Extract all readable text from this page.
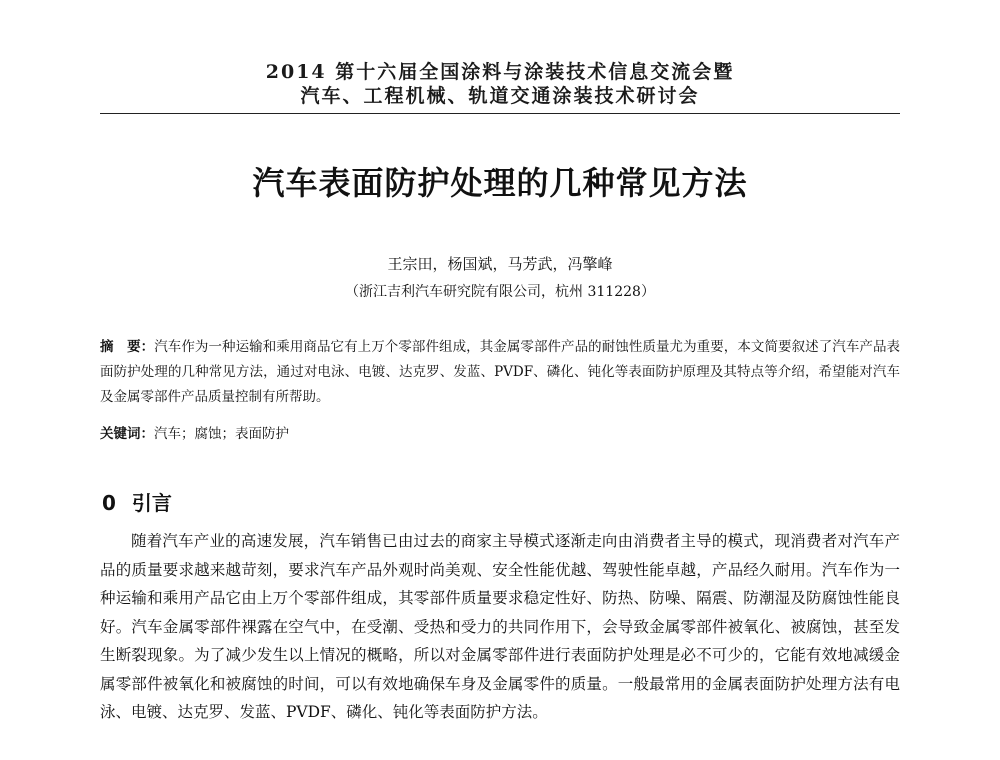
2014 第十六届全国涂料与涂装技术信息交流会暨
汽车、工程机械、轨道交通涂装技术研讨会
汽车表面防护处理的几种常见方法
王宗田，杨国斌，马芳武，冯擎峰
（浙江吉利汽车研究院有限公司，杭州 311228）
摘　要：汽车作为一种运输和乘用商品它有上万个零部件组成，其金属零部件产品的耐蚀性质量尤为重要，本文简要叙述了汽车产品表面防护处理的几种常见方法，通过对电泳、电镀、达克罗、发蓝、PVDF、磷化、钝化等表面防护原理及其特点等介绍，希望能对汽车及金属零部件产品质量控制有所帮助。
关键词：汽车；腐蚀；表面防护
0 引言

随着汽车产业的高速发展，汽车销售已由过去的商家主导模式逐渐走向由消费者主导的模式，现消费者对汽车产品的质量要求越来越苛刻，要求汽车产品外观时尚美观、安全性能优越、驾驶性能卓越，产品经久耐用。汽车作为一种运输和乘用产品它由上万个零部件组成，其零部件质量要求稳定性好、防热、防噪、隔震、防潮湿及防腐蚀性能良好。汽车金属零部件裸露在空气中，在受潮、受热和受力的共同作用下，会导致金属零部件被氧化、被腐蚀，甚至发生断裂现象。为了减少发生以上情况的概略，所以对金属零部件进行表面防护处理是必不可少的，它能有效地减缓金属零部件被氧化和被腐蚀的时间，可以有效地确保车身及金属零件的质量。一般最常用的金属表面防护处理方法有电泳、电镀、达克罗、发蓝、PVDF、磷化、钝化等表面防护方法。
